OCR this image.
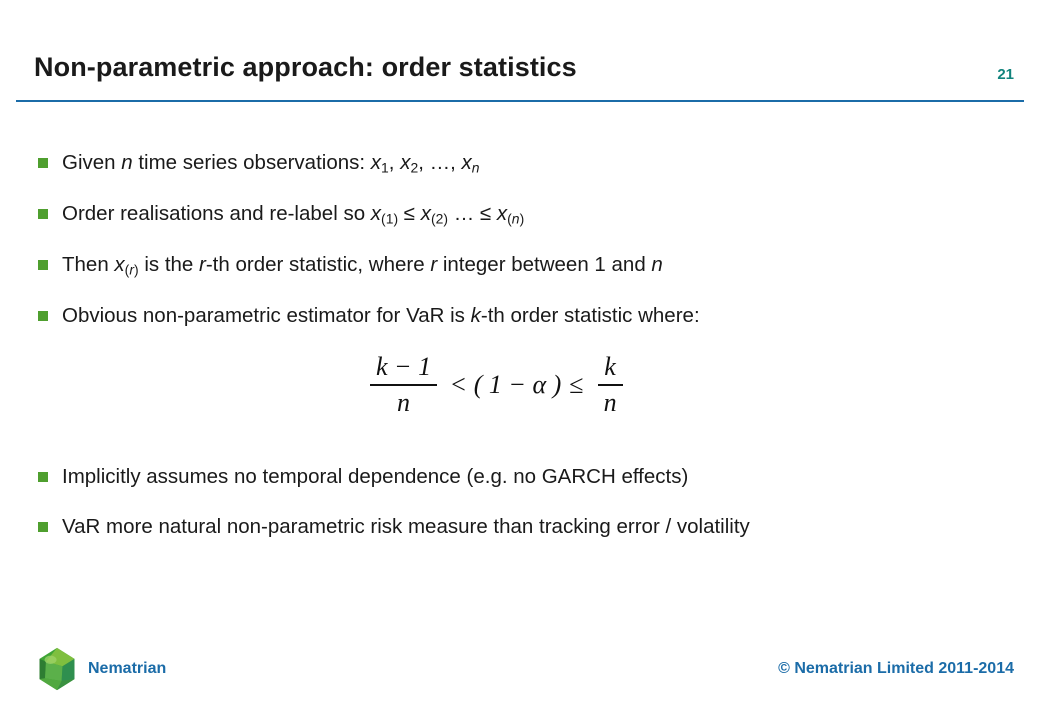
Non-parametric approach: order statistics	21
Given n time series observations: $x_1$, $x_2$, …, $x_n$
Order realisations and re-label so $x_{(1)} \le x_{(2)}$ … ≤ $x_{(n)}$
Then $x_{(r)}$ is the r-th order statistic, where r integer between 1 and n
Obvious non-parametric estimator for VaR is k-th order statistic where:
$\frac{k - 1}{n}$ < ( 1 − α ) ≤ $\frac{k}{n}$
Implicitly assumes no temporal dependence (e.g. no GARCH effects)
VaR more natural non-parametric risk measure than tracking error / volatility
Nematrian	© Nematrian Limited 2011-2014
